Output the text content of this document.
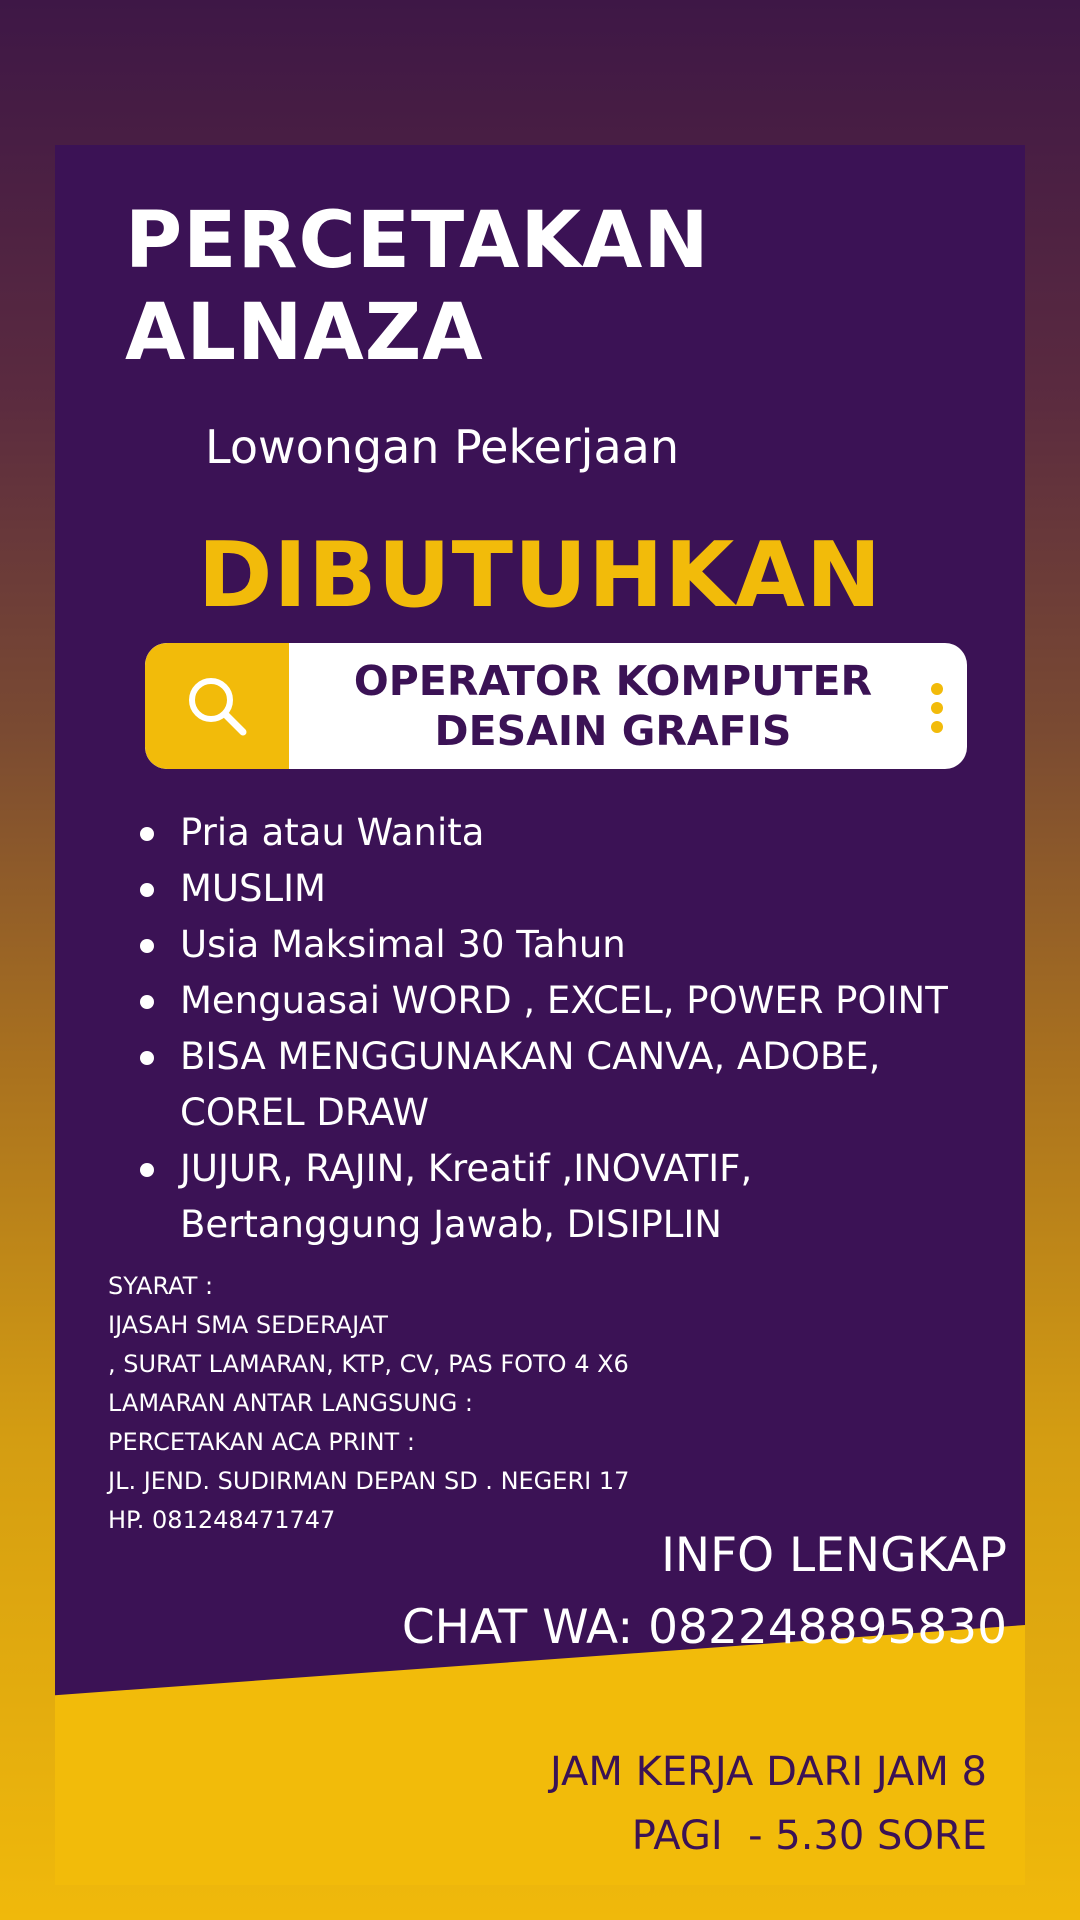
PERCETAKAN
ALNAZA
Lowongan Pekerjaan
DIBUTUHKAN
OPERATOR KOMPUTER
DESAIN GRAFIS
Pria atau Wanita
MUSLIM
Usia Maksimal 30 Tahun
Menguasai WORD , EXCEL, POWER POINT
BISA MENGGUNAKAN CANVA, ADOBE,
COREL DRAW
JUJUR, RAJIN, Kreatif ,INOVATIF,
Bertanggung Jawab, DISIPLIN
SYARAT :
IJASAH SMA SEDERAJAT
, SURAT LAMARAN, KTP, CV, PAS FOTO 4 X6
LAMARAN ANTAR LANGSUNG :
PERCETAKAN ACA PRINT :
JL. JEND. SUDIRMAN DEPAN SD . NEGERI 17
HP. 081248471747
INFO LENGKAP
CHAT WA: 082248895830
JAM KERJA DARI JAM 8
PAGI  - 5.30 SORE
